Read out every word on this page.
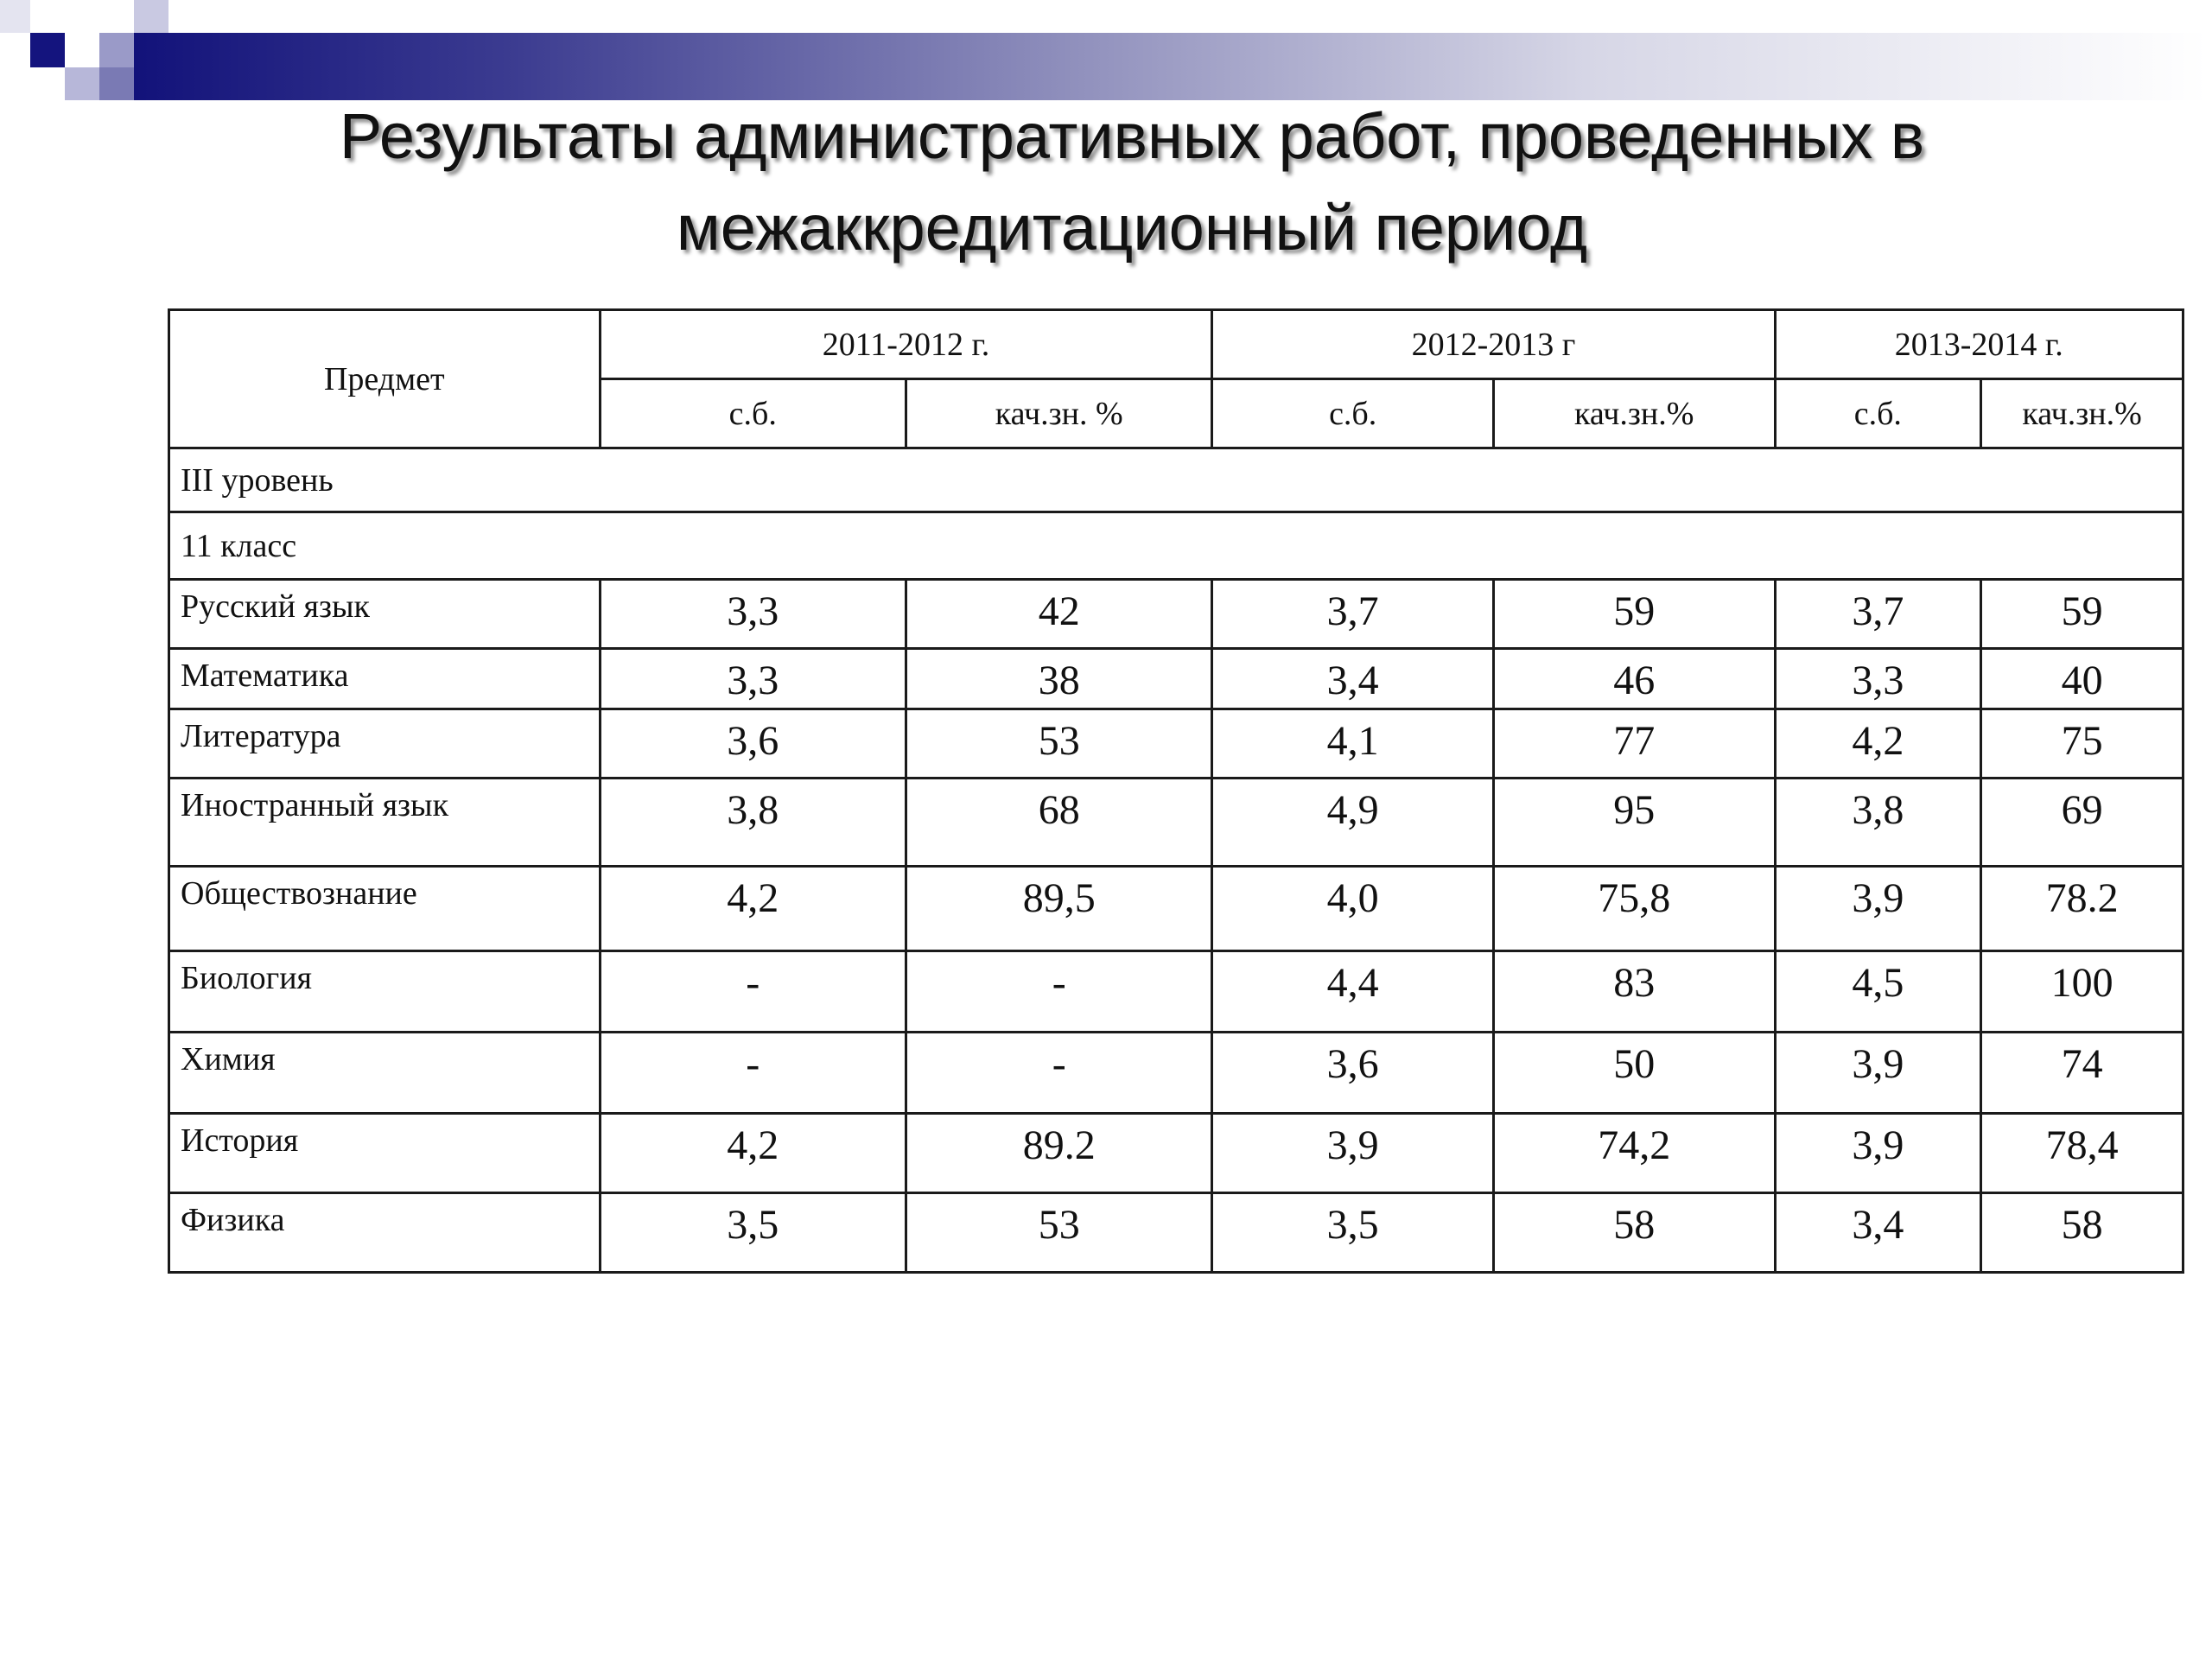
Результаты административных работ, проведенных в
межаккредитационный период
Предмет	2011-2012 г.		2012-2013 г		2013-2014 г.	
	с.б.	кач.зн. %	с.б.	кач.зн.%	с.б.	кач.зн.%
III уровень						
11 класс						
Русский язык	3,3	42	3,7	59	3,7	59
Математика	3,3	38	3,4	46	3,3	40
Литература	3,6	53	4,1	77	4,2	75
Иностранный язык	3,8	68	4,9	95	3,8	69
Обществознание	4,2	89,5	4,0	75,8	3,9	78.2
Биология	-	-	4,4	83	4,5	100
Химия	-	-	3,6	50	3,9	74
История	4,2	89.2	3,9	74,2	3,9	78,4
Физика	3,5	53	3,5	58	3,4	58
